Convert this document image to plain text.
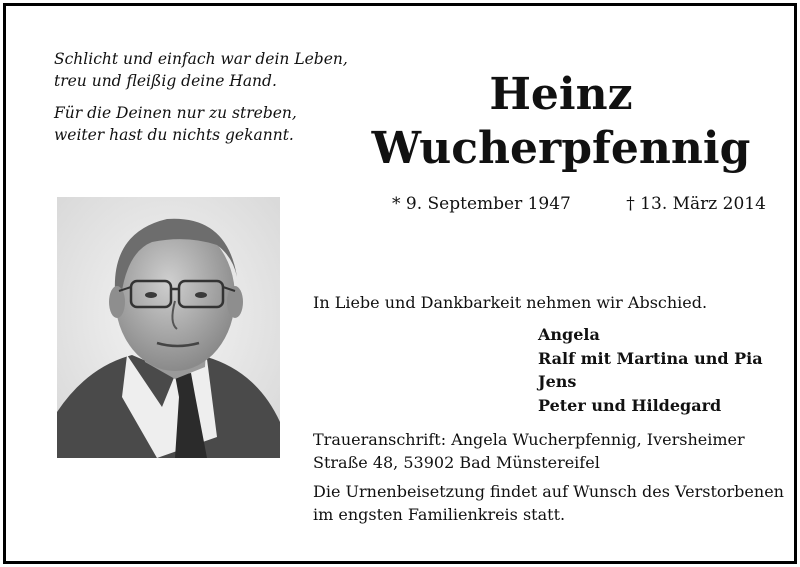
Schlicht und einfach war dein Leben,
treu und fleißig deine Hand.
Für die Deinen nur zu streben,
weiter hast du nichts gekannt.
Heinz
Wucherpfennig
* 9. September 1947	† 13. März 2014
In Liebe und Dankbarkeit nehmen wir Abschied.
Angela
Ralf mit Martina und Pia
Jens
Peter und Hildegard
Traueranschrift: Angela Wucherpfennig, Iversheimer
Straße 48, 53902 Bad Münstereifel
Die Urnenbeisetzung findet auf Wunsch des Verstorbenen
im engsten Familienkreis statt.
